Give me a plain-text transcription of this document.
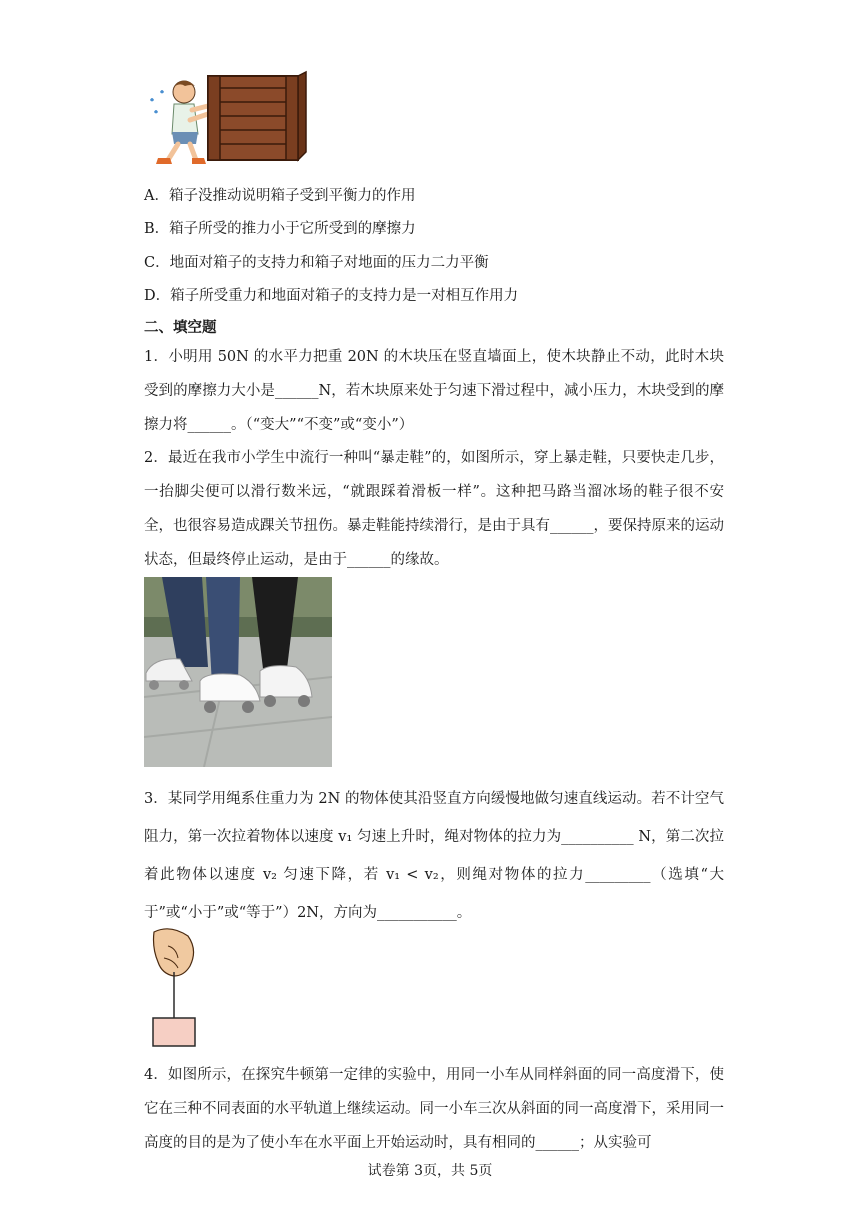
A．箱子没推动说明箱子受到平衡力的作用
B．箱子所受的推力小于它所受到的摩擦力
C．地面对箱子的支持力和箱子对地面的压力二力平衡
D．箱子所受重力和地面对箱子的支持力是一对相互作用力
二、填空题
1．小明用 50N 的水平力把重 20N 的木块压在竖直墙面上，使木块静止不动，此时木块受到的摩擦力大小是______N，若木块原来处于匀速下滑过程中，减小压力，木块受到的摩擦力将______。（“变大”“不变”或“变小”）
2．最近在我市小学生中流行一种叫“暴走鞋”的，如图所示，穿上暴走鞋，只要快走几步，一抬脚尖便可以滑行数米远，“就跟踩着滑板一样”。这种把马路当溜冰场的鞋子很不安全，也很容易造成踝关节扭伤。暴走鞋能持续滑行，是由于具有______，要保持原来的运动状态，但最终停止运动，是由于______的缘故。
3．某同学用绳系住重力为 2N 的物体使其沿竖直方向缓慢地做匀速直线运动。若不计空气阻力，第一次拉着物体以速度 v₁ 匀速上升时，绳对物体的拉力为__________ N，第二次拉着此物体以速度 v₂ 匀速下降，若 v₁ < v₂，则绳对物体的拉力_________（选填“大于”或“小于”或“等于”）2N，方向为___________。
4．如图所示，在探究牛顿第一定律的实验中，用同一小车从同样斜面的同一高度滑下，使它在三种不同表面的水平轨道上继续运动。同一小车三次从斜面的同一高度滑下，采用同一高度的目的是为了使小车在水平面上开始运动时，具有相同的______；从实验可
试卷第 3页，共 5页
